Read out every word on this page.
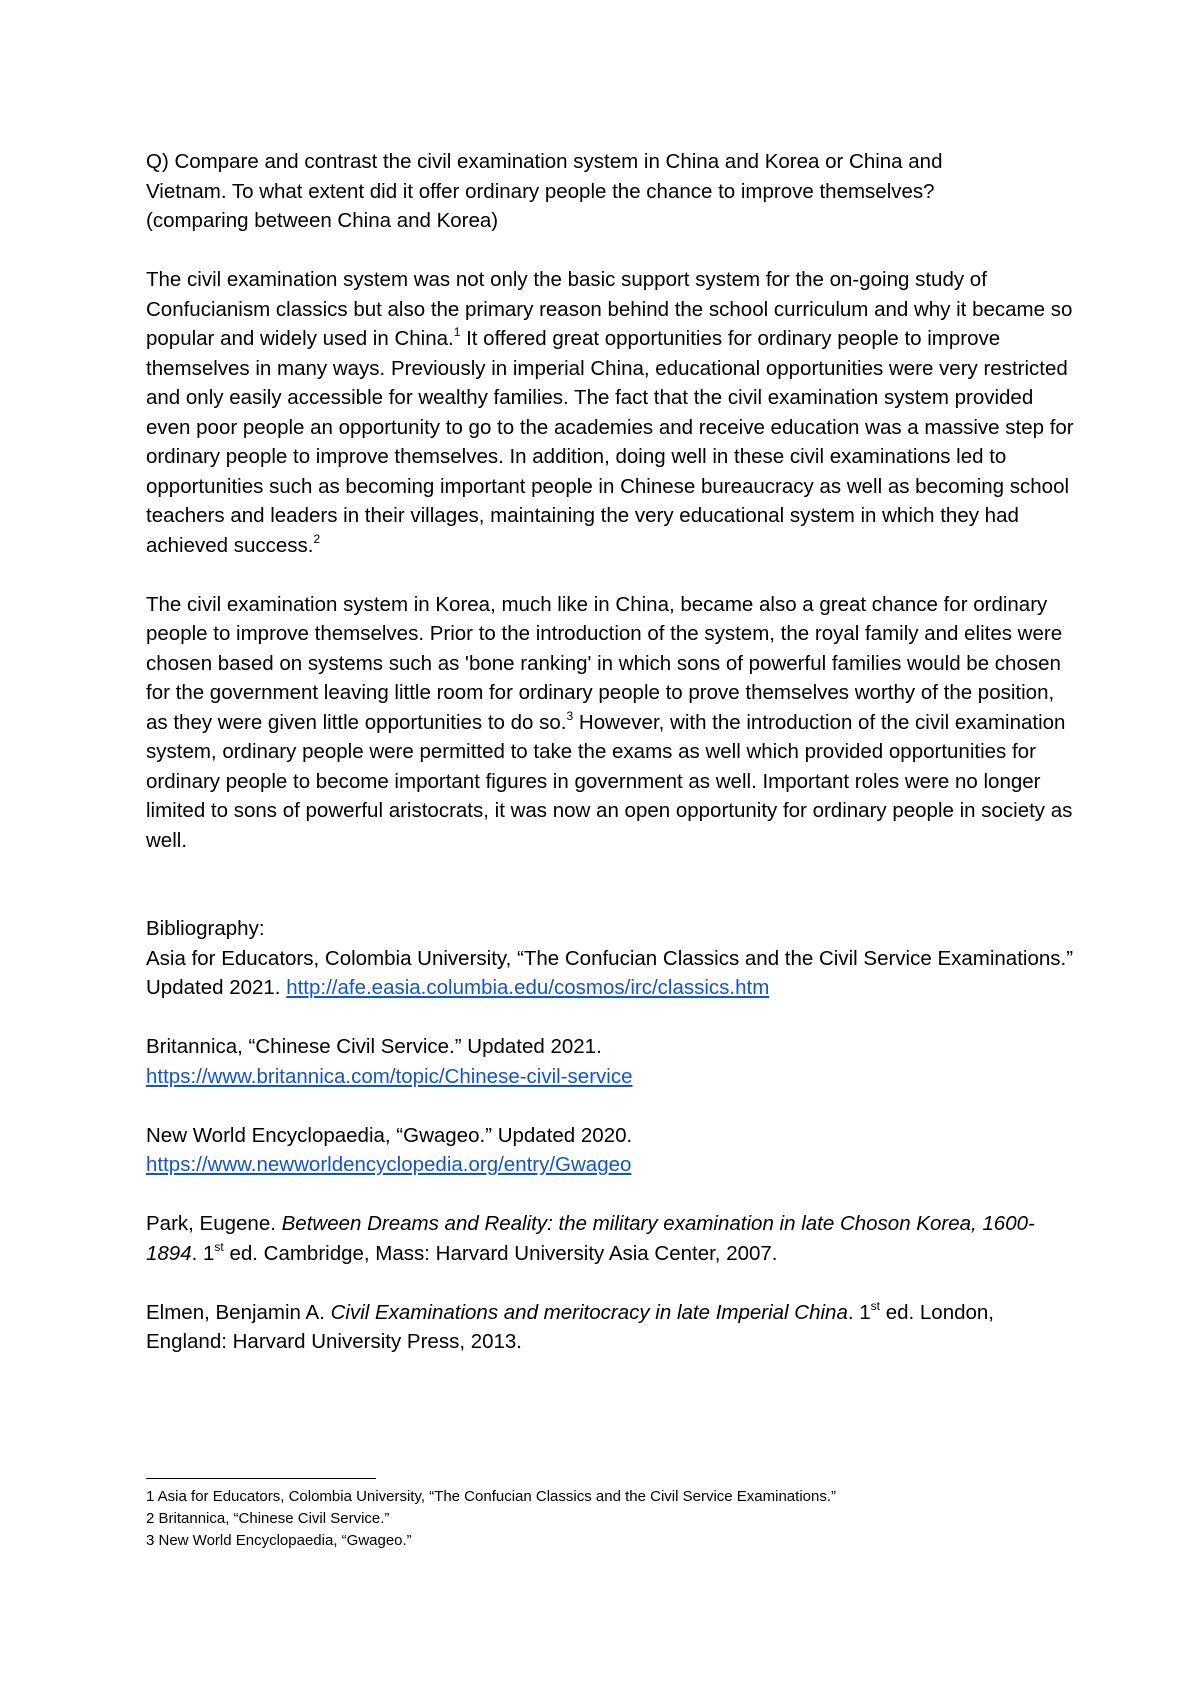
Q) Compare and contrast the civil examination system in China and Korea or China and

Vietnam. To what extent did it offer ordinary people the chance to improve themselves?

(comparing between China and Korea)

The civil examination system was not only the basic support system for the on-going study of Confucianism classics but also the primary reason behind the school curriculum and why it became so popular and widely used in China.$^1$ It offered great opportunities for ordinary people to improve themselves in many ways. Previously in imperial China, educational opportunities were very restricted and only easily accessible for wealthy families. The fact that the civil examination system provided even poor people an opportunity to go to the academies and receive education was a massive step for ordinary people to improve themselves. In addition, doing well in these civil examinations led to opportunities such as becoming important people in Chinese bureaucracy as well as becoming school teachers and leaders in their villages, maintaining the very educational system in which they had achieved success.$^2$

The civil examination system in Korea, much like in China, became also a great chance for ordinary people to improve themselves. Prior to the introduction of the system, the royal family and elites were chosen based on systems such as 'bone ranking' in which sons of powerful families would be chosen for the government leaving little room for ordinary people to prove themselves worthy of the position, as they were given little opportunities to do so.$^3$ However, with the introduction of the civil examination system, ordinary people were permitted to take the exams as well which provided opportunities for ordinary people to become important figures in government as well. Important roles were no longer limited to sons of powerful aristocrats, it was now an open opportunity for ordinary people in society as well.

Bibliography:

Asia for Educators, Colombia University, “The Confucian Classics and the Civil Service Examinations.” Updated 2021. http://afe.easia.columbia.edu/cosmos/irc/classics.htm

Britannica, “Chinese Civil Service.” Updated 2021.
https://www.britannica.com/topic/Chinese-civil-service

New World Encyclopaedia, “Gwageo.” Updated 2020.
https://www.newworldencyclopedia.org/entry/Gwageo

Park, Eugene. Between Dreams and Reality: the military examination in late Choson Korea, 1600-1894. 1st ed. Cambridge, Mass: Harvard University Asia Center, 2007.

Elmen, Benjamin A. Civil Examinations and meritocracy in late Imperial China. 1st ed. London, England: Harvard University Press, 2013.

1 Asia for Educators, Colombia University, “The Confucian Classics and the Civil Service Examinations.”

2 Britannica, “Chinese Civil Service.”

3 New World Encyclopaedia, “Gwageo.”
